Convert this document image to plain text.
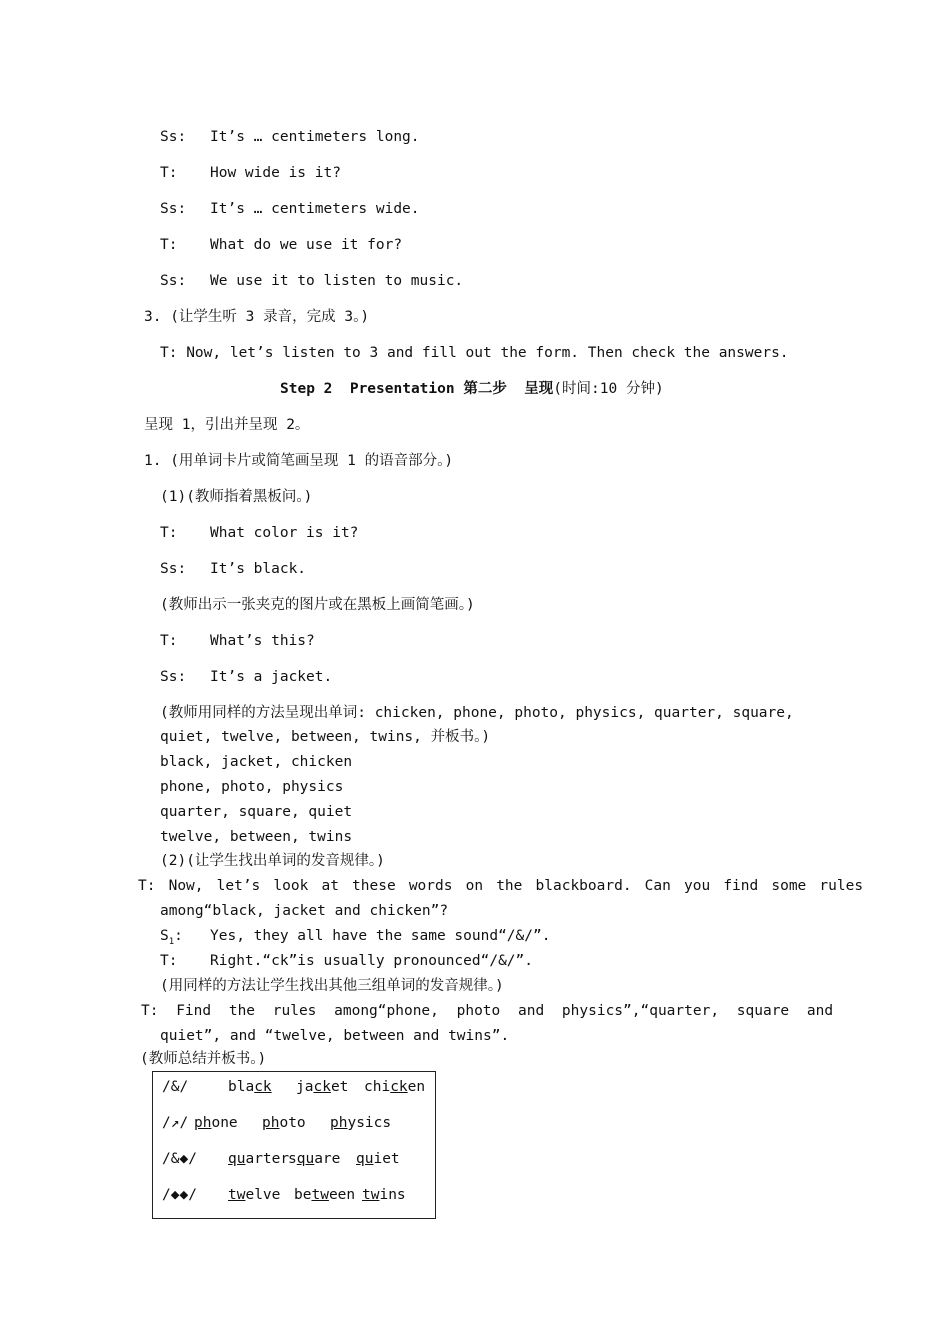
Ss: It’s … centimeters long.
T: How wide is it?
Ss: It’s … centimeters wide.
T: What do we use it for?
Ss: We use it to listen to music.
3. (让学生听 3 录音，完成 3。)
T: Now, let’s listen to 3 and fill out the form. Then check the answers.
Step 2  Presentation 第二步  呈现(时间:10 分钟)
呈现 1，引出并呈现 2。
1. (用单词卡片或简笔画呈现 1 的语音部分。)
(1)(教师指着黑板问。)
T: What color is it?
Ss: It’s black.
(教师出示一张夹克的图片或在黑板上画简笔画。)
T: What’s this?
Ss: It’s a jacket.
(教师用同样的方法呈现出单词: chicken, phone, photo, physics, quarter, square,
quiet, twelve, between, twins, 并板书。)
black, jacket, chicken
phone, photo, physics
quarter, square, quiet
twelve, between, twins
(2)(让学生找出单词的发音规律。)
T: Now, let’s look at these words on the blackboard. Can you find some rules
among“black, jacket and chicken”?
$S_1$: Yes, they all have the same sound“/&/”.
T: Right.“ck”is usually pronounced“/&/”.
(用同样的方法让学生找出其他三组单词的发音规律。)
T: Find the rules among“phone, photo and physics”,“quarter, square and
quiet”, and “twelve, between and twins”.
(教师总结并板书。)
/&/	black jacket chicken
/↗/ phone photo physics
/&◆/ quartersquare quiet
/◆◆/ twelve between twins
